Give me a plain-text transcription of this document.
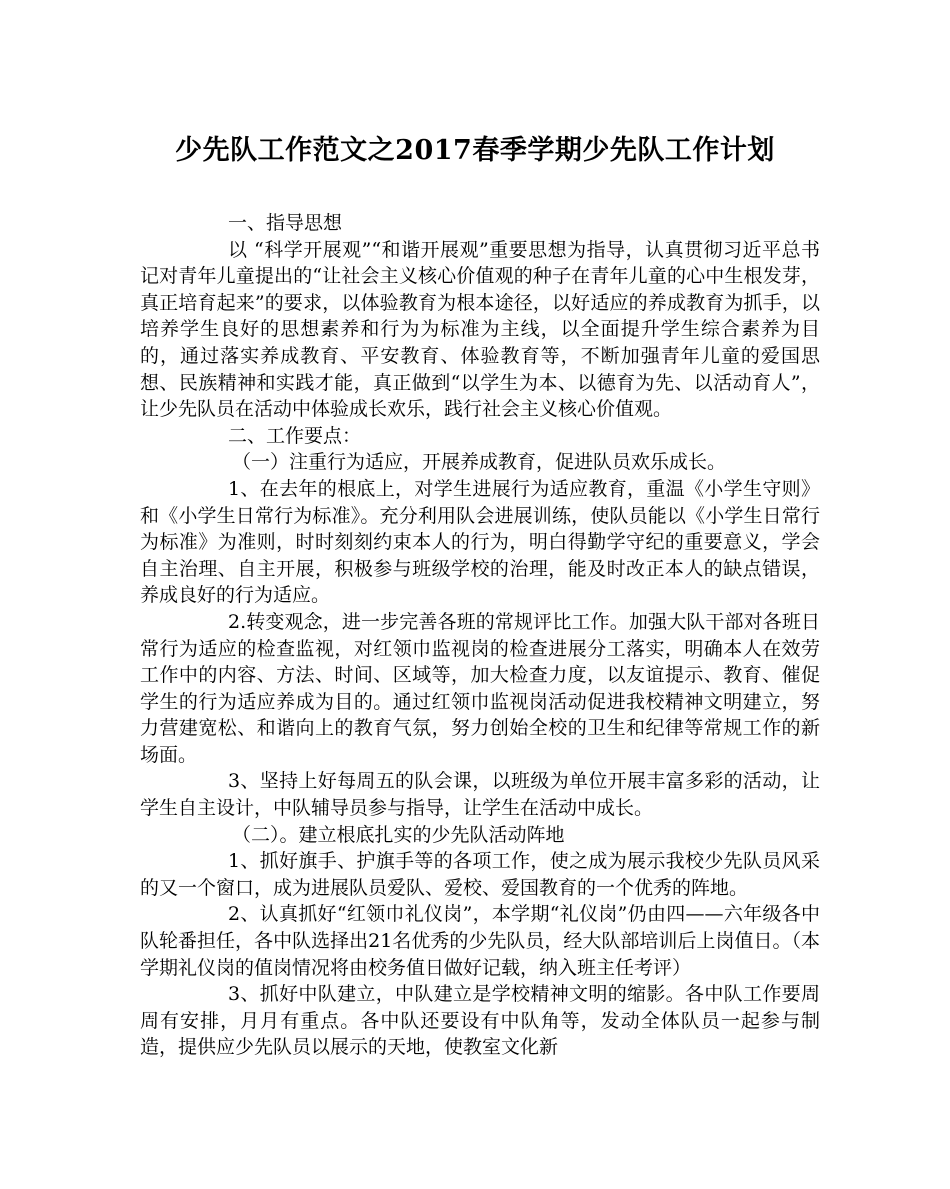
少先队工作范文之2017春季学期少先队工作计划

一、指导思想

以 “科学开展观”“和谐开展观”重要思想为指导，认真贯彻习近平总书记对青年儿童提出的“让社会主义核心价值观的种子在青年儿童的心中生根发芽，真正培育起来”的要求，以体验教育为根本途径，以好适应的养成教育为抓手，以培养学生良好的思想素养和行为为标准为主线，以全面提升学生综合素养为目的，通过落实养成教育、平安教育、体验教育等，不断加强青年儿童的爱国思想、民族精神和实践才能，真正做到“以学生为本、以德育为先、以活动育人”，让少先队员在活动中体验成长欢乐，践行社会主义核心价值观。

二、工作要点：

（一）注重行为适应，开展养成教育，促进队员欢乐成长。

1、在去年的根底上，对学生进展行为适应教育，重温《小学生守则》和《小学生日常行为标准》。充分利用队会进展训练，使队员能以《小学生日常行为标准》为准则，时时刻刻约束本人的行为，明白得勤学守纪的重要意义，学会自主治理、自主开展，积极参与班级学校的治理，能及时改正本人的缺点错误，养成良好的行为适应。

2.转变观念，进一步完善各班的常规评比工作。加强大队干部对各班日常行为适应的检查监视，对红领巾监视岗的检查进展分工落实，明确本人在效劳工作中的内容、方法、时间、区域等，加大检查力度，以友谊提示、教育、催促学生的行为适应养成为目的。通过红领巾监视岗活动促进我校精神文明建立，努力营建宽松、和谐向上的教育气氛，努力创始全校的卫生和纪律等常规工作的新场面。

3、坚持上好每周五的队会课，以班级为单位开展丰富多彩的活动，让学生自主设计，中队辅导员参与指导，让学生在活动中成长。

（二）。建立根底扎实的少先队活动阵地

1、抓好旗手、护旗手等的各项工作，使之成为展示我校少先队员风采的又一个窗口，成为进展队员爱队、爱校、爱国教育的一个优秀的阵地。

2、认真抓好“红领巾礼仪岗”，本学期“礼仪岗”仍由四——六年级各中队轮番担任，各中队选择出21名优秀的少先队员，经大队部培训后上岗值日。（本学期礼仪岗的值岗情况将由校务值日做好记载，纳入班主任考评）

3、抓好中队建立，中队建立是学校精神文明的缩影。各中队工作要周周有安排，月月有重点。各中队还要设有中队角等，发动全体队员一起参与制造，提供应少先队员以展示的天地，使教室文化新
